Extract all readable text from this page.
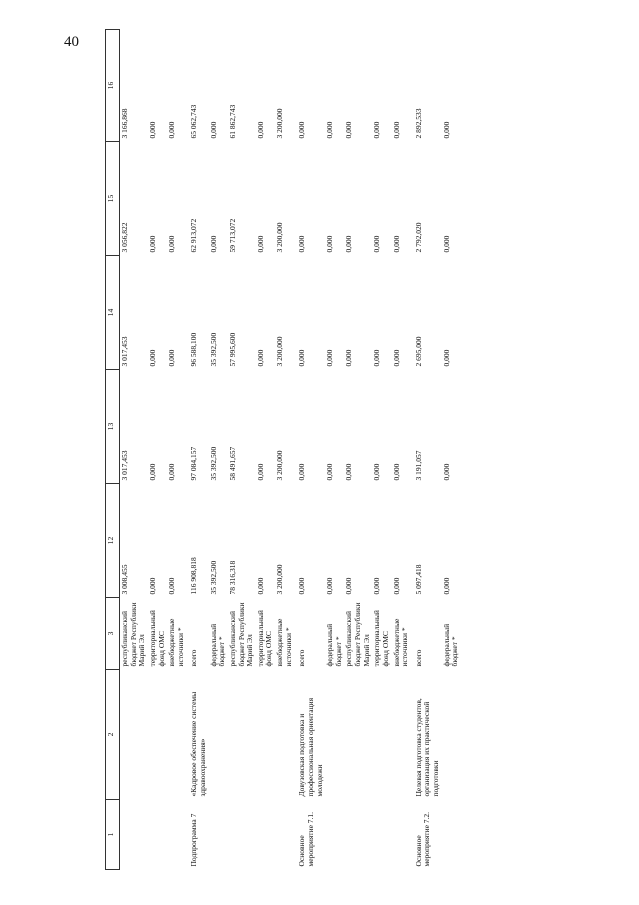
40
1	2	3	12	13	14	15	16
		республиканский бюджет Республики Марий Эл	3 008,455	3 017,453	3 017,453	3 056,822	3 166,868
		территориальный фонд ОМС	0,000	0,000	0,000	0,000	0,000
		внебюджетные источники *	0,000	0,000	0,000	0,000	0,000
Подпрограмма 7	«Кадровое обеспечение системы здравоохранения»	всего	116 908,818	97 084,157	96 588,100	62 913,072	65 062,743
		федеральный бюджет *	35 392,500	35 392,500	35 392,500	0,000	0,000
		республиканский бюджет Республики Марий Эл	78 316,318	58 491,657	57 995,600	59 713,072	61 862,743
		территориальный фонд ОМС	0,000	0,000	0,000	0,000	0,000
		внебюджетные источники *	3 200,000	3 200,000	3 200,000	3 200,000	3 200,000
Основное мероприятие 7.1.	Довузовская подготовка и профессиональная ориентация молодежи	всего	0,000	0,000	0,000	0,000	0,000
		федеральный бюджет *	0,000	0,000	0,000	0,000	0,000
		республиканский бюджет Республики Марий Эл	0,000	0,000	0,000	0,000	0,000
		территориальный фонд ОМС	0,000	0,000	0,000	0,000	0,000
		внебюджетные источники *	0,000	0,000	0,000	0,000	0,000
Основное мероприятие 7.2.	Целевая подготовка студентов, организация их практической подготовки	всего	5 097,418	3 191,057	2 695,000	2 792,020	2 892,533
		федеральный бюджет *	0,000	0,000	0,000	0,000	0,000
